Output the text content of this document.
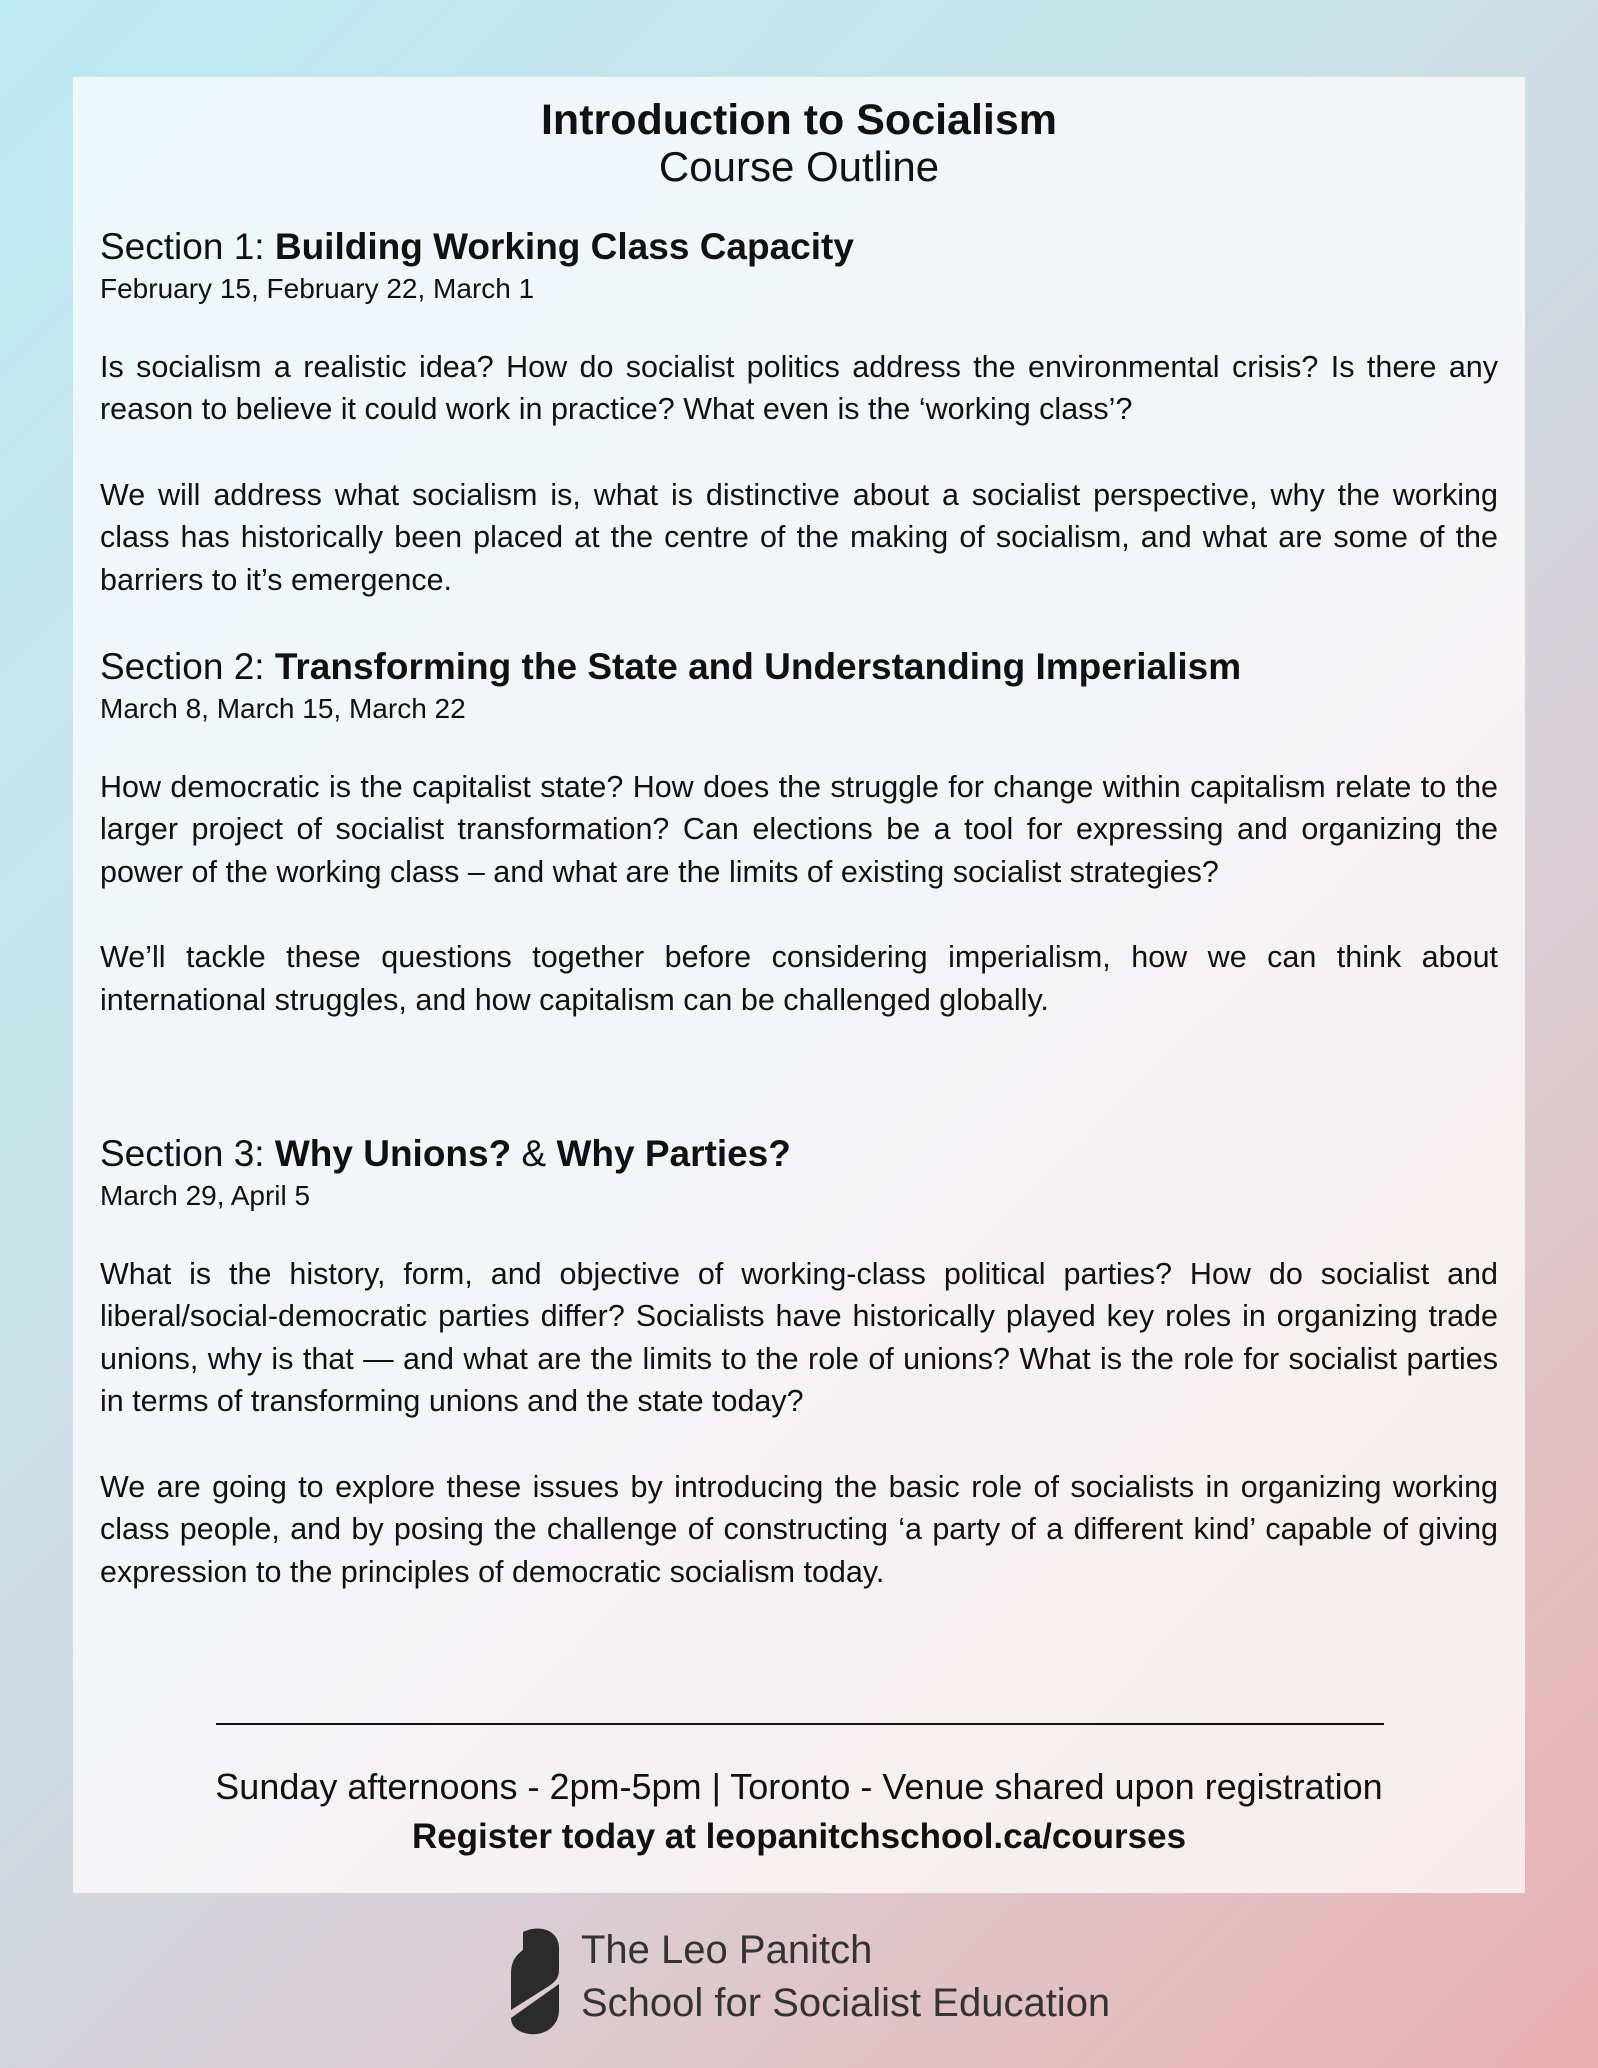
Introduction to Socialism
Course Outline
Section 1: Building Working Class Capacity
February 15, February 22, March 1
Is socialism a realistic idea? How do socialist politics address the environmental crisis? Is there any reason to believe it could work in practice? What even is the ‘working class’?
We will address what socialism is, what is distinctive about a socialist perspective, why the working class has historically been placed at the centre of the making of socialism, and what are some of the barriers to it’s emergence.
Section 2: Transforming the State and Understanding Imperialism
March 8, March 15, March 22
How democratic is the capitalist state? How does the struggle for change within capitalism relate to the larger project of socialist transformation? Can elections be a tool for expressing and organizing the power of the working class – and what are the limits of existing socialist strategies?
We’ll tackle these questions together before considering imperialism, how we can think about international struggles, and how capitalism can be challenged globally.
Section 3: Why Unions? & Why Parties?
March 29, April 5
What is the history, form, and objective of working-class political parties? How do socialist and liberal/social-democratic parties differ? Socialists have historically played key roles in organizing trade unions, why is that — and what are the limits to the role of unions? What is the role for socialist parties in terms of transforming unions and the state today?
We are going to explore these issues by introducing the basic role of socialists in organizing working class people, and by posing the challenge of constructing ‘a party of a different kind’ capable of giving expression to the principles of democratic socialism today.
Sunday afternoons - 2pm-5pm | Toronto - Venue shared upon registration
Register today at leopanitchschool.ca/courses
The Leo Panitch
School for Socialist Education
